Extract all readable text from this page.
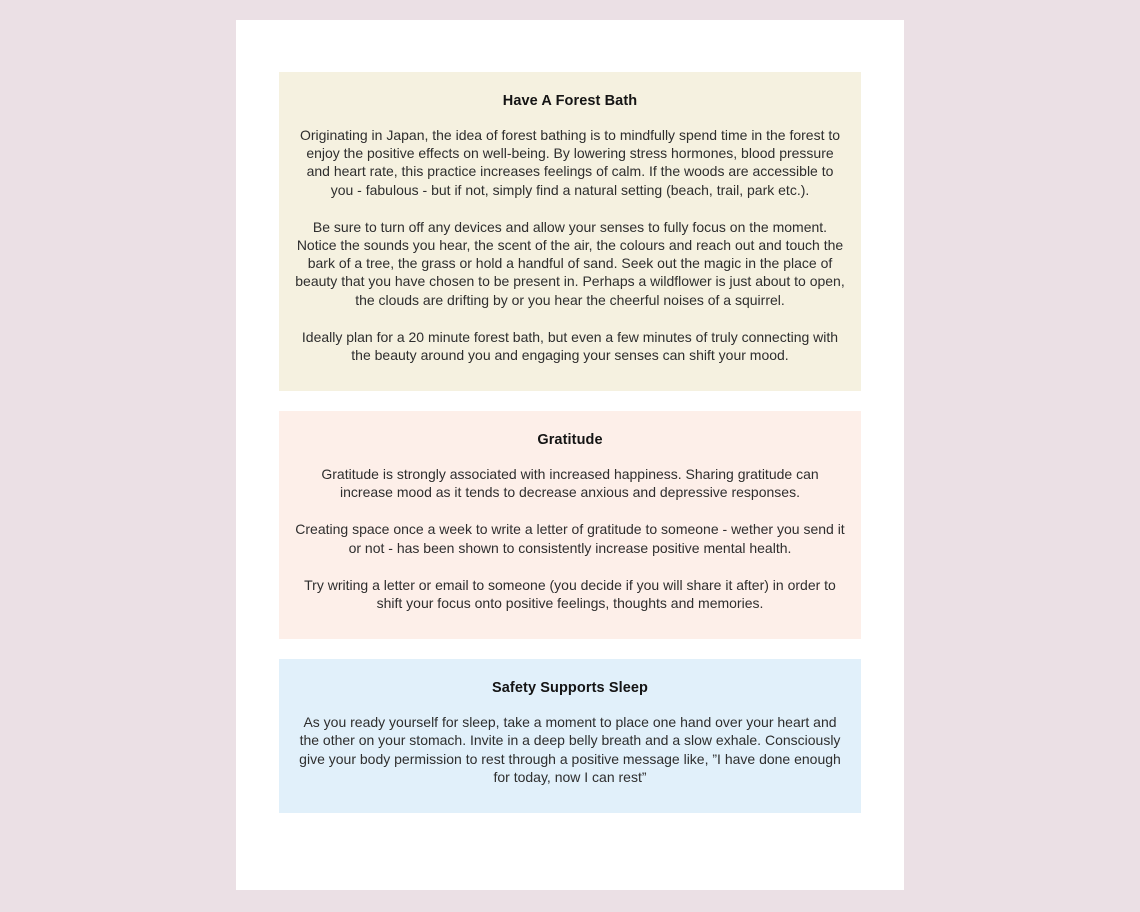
Have A Forest Bath

Originating in Japan, the idea of forest bathing is to mindfully spend time in the forest to enjoy the positive effects on well-being. By lowering stress hormones, blood pressure and heart rate, this practice increases feelings of calm. If the woods are accessible to you - fabulous - but if not, simply find a natural setting (beach, trail, park etc.).

Be sure to turn off any devices and allow your senses to fully focus on the moment. Notice the sounds you hear, the scent of the air, the colours and reach out and touch the bark of a tree, the grass or hold a handful of sand. Seek out the magic in the place of beauty that you have chosen to be present in. Perhaps a wildflower is just about to open, the clouds are drifting by or you hear the cheerful noises of a squirrel.

Ideally plan for a 20 minute forest bath, but even a few minutes of truly connecting with the beauty around you and engaging your senses can shift your mood.

Gratitude

Gratitude is strongly associated with increased happiness. Sharing gratitude can increase mood as it tends to decrease anxious and depressive responses.

Creating space once a week to write a letter of gratitude to someone - wether you send it or not - has been shown to consistently increase positive mental health.

Try writing a letter or email to someone (you decide if you will share it after) in order to shift your focus onto positive feelings, thoughts and memories.

Safety Supports Sleep

As you ready yourself for sleep, take a moment to place one hand over your heart and the other on your stomach. Invite in a deep belly breath and a slow exhale. Consciously give your body permission to rest through a positive message like, ”I have done enough for today, now I can rest”
